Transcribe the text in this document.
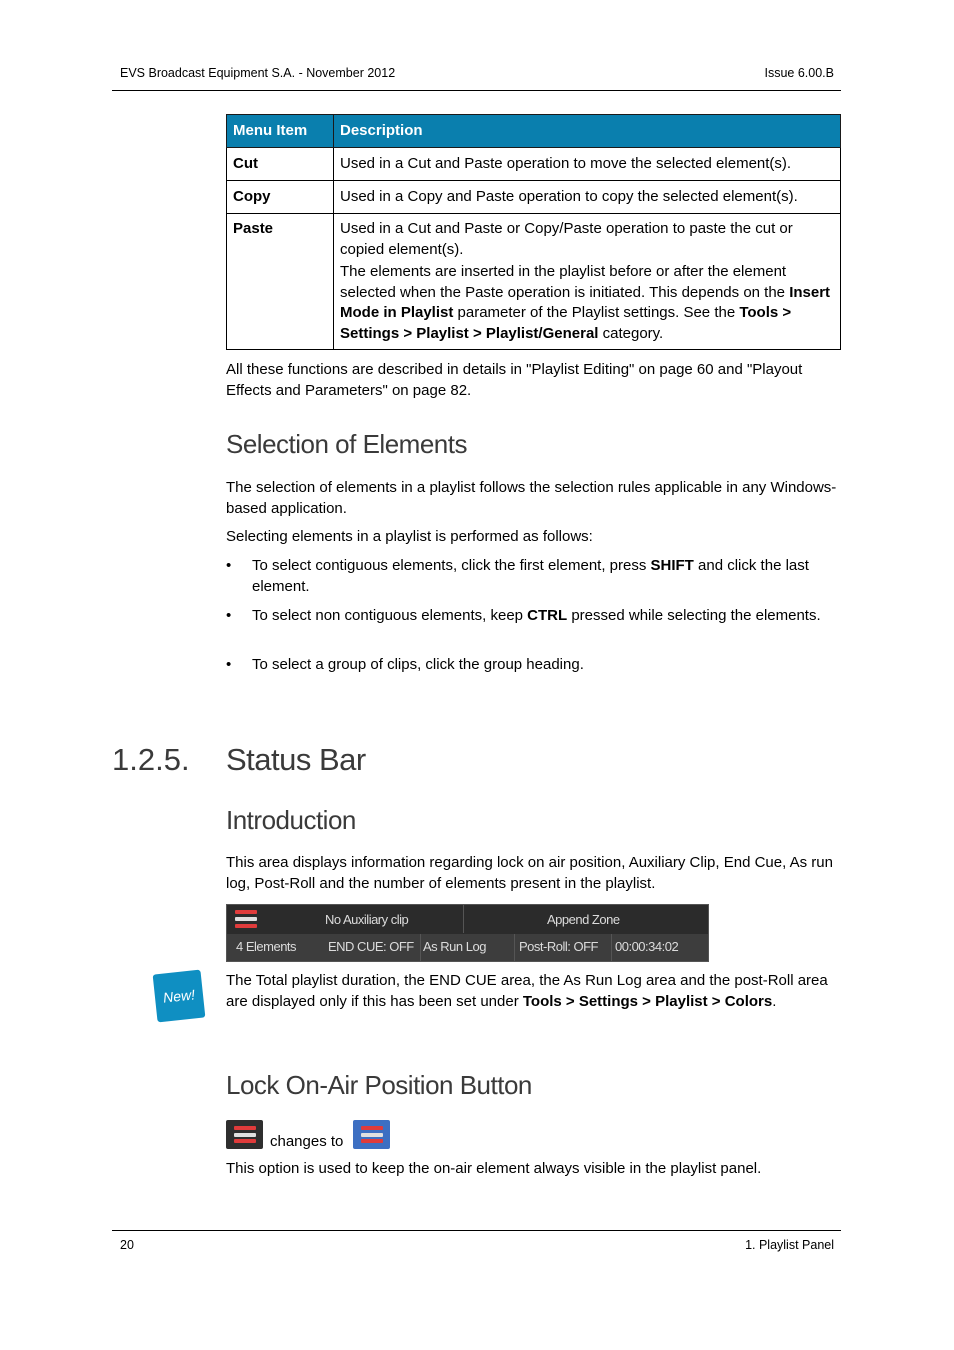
EVS Broadcast Equipment S.A. - November 2012	Issue 6.00.B
Menu Item	Description
Cut	Used in a Cut and Paste operation to move the selected element(s).
Copy	Used in a Copy and Paste operation to copy the selected element(s).
Paste	Used in a Cut and Paste or Copy/Paste operation to paste the cut or copied element(s).
The elements are inserted in the playlist before or after the element selected when the Paste operation is initiated. This depends on the Insert Mode in Playlist parameter of the Playlist settings. See the Tools > Settings > Playlist > Playlist/General category.
All these functions are described in details in "Playlist Editing" on page 60 and "Playout Effects and Parameters" on page 82.
Selection of Elements
The selection of elements in a playlist follows the selection rules applicable in any Windows-based application.
Selecting elements in a playlist is performed as follows:
• To select contiguous elements, click the first element, press SHIFT and click the last element.
• To select non contiguous elements, keep CTRL pressed while selecting the elements.
• To select a group of clips, click the group heading.
1.2.5. Status Bar
Introduction
This area displays information regarding lock on air position, Auxiliary Clip, End Cue, As run log, Post-Roll and the number of elements present in the playlist.
No Auxiliary clip	Append Zone
4 Elements END CUE: OFF As Run Log	Post-Roll: OFF 00:00:34:02
New!
The Total playlist duration, the END CUE area, the As Run Log area and the post-Roll area are displayed only if this has been set under Tools > Settings > Playlist > Colors.
Lock On-Air Position Button
changes to
This option is used to keep the on-air element always visible in the playlist panel.
20	1. Playlist Panel
